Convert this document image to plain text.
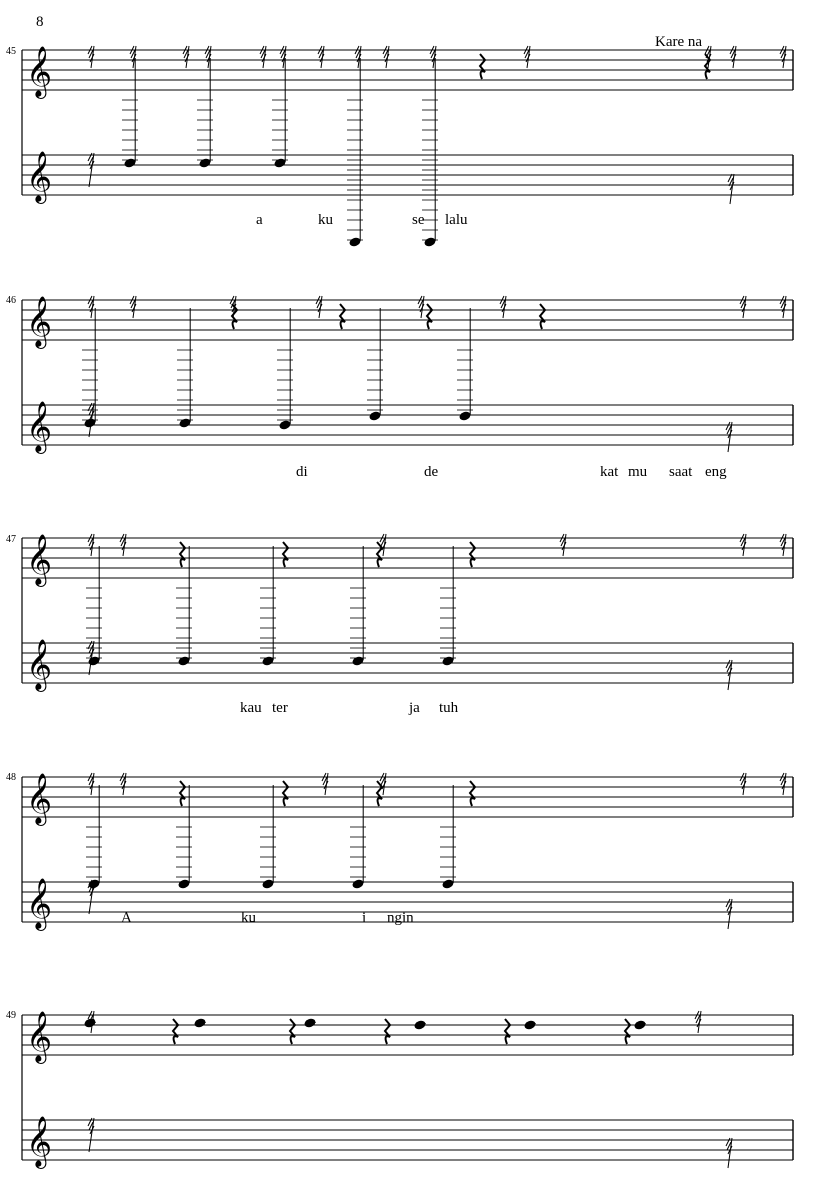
8
45
46
47
48
49
Kare na
a	ku	se lalu
di	de	kat mu saat eng
kau ter	ja tuh
A	ku	i ngin
𝄞
𝄞
𝄞
𝄞
𝄞
𝄞
𝄞
𝄞
𝄞
𝄞
